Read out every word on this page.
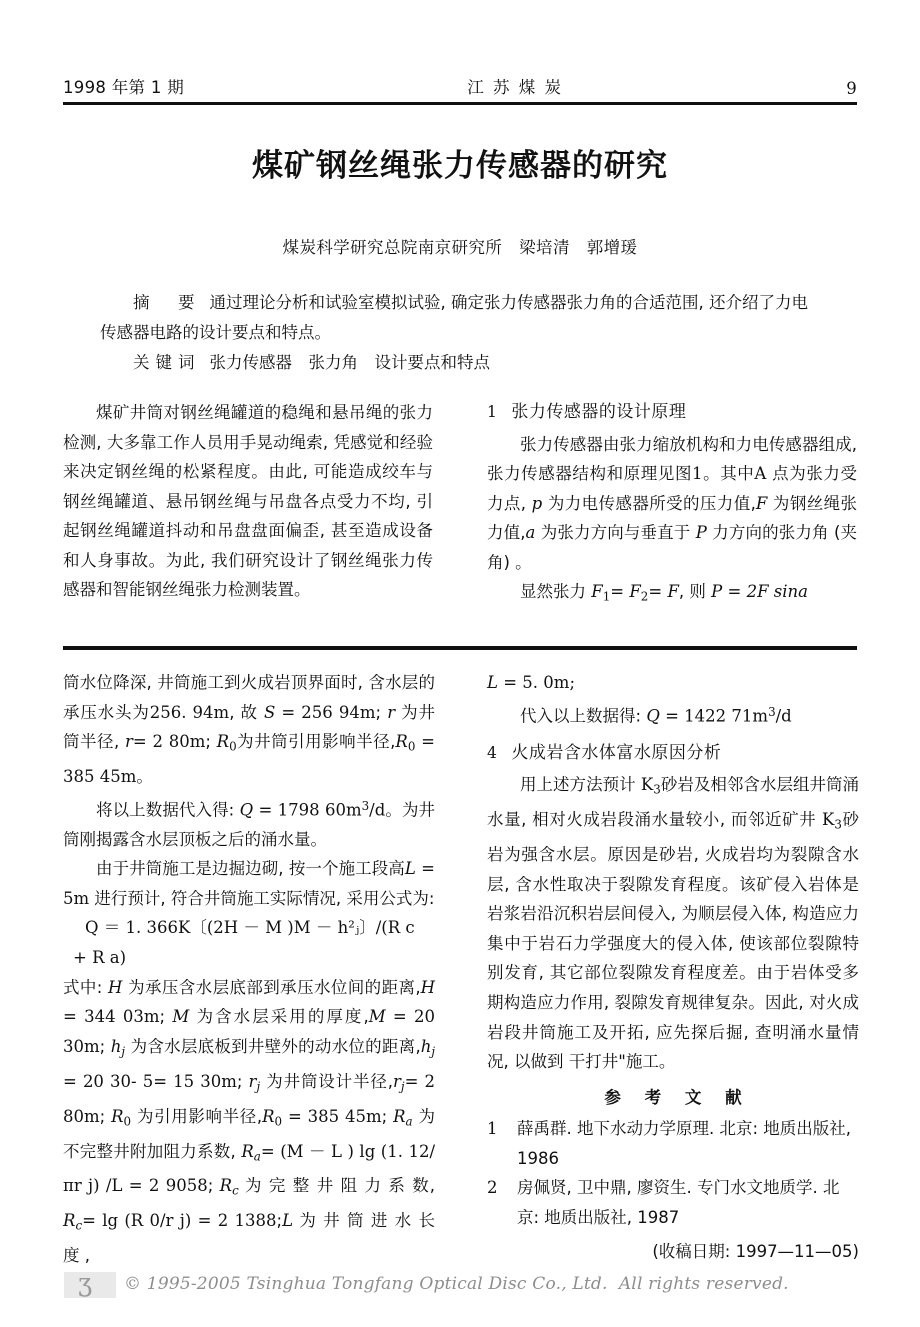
1998 年第 1 期	江 苏 煤 炭	9
煤矿钢丝绳张力传感器的研究
煤炭科学研究总院南京研究所　梁培清　郭增瑗

摘　要 通过理论分析和试验室模拟试验, 确定张力传感器张力角的合适范围, 还介绍了力电传感器电路的设计要点和特点。

关键词 张力传感器　张力角　设计要点和特点

煤矿井筒对钢丝绳罐道的稳绳和悬吊绳的张力检测, 大多靠工作人员用手晃动绳索, 凭感觉和经验来决定钢丝绳的松紧程度。由此, 可能造成绞车与钢丝绳罐道、悬吊钢丝绳与吊盘各点受力不均, 引起钢丝绳罐道抖动和吊盘盘面偏歪, 甚至造成设备和人身事故。为此, 我们研究设计了钢丝绳张力传感器和智能钢丝绳张力检测装置。

1 张力传感器的设计原理

张力传感器由张力缩放机构和力电传感器组成, 张力传感器结构和原理见图1。其中A 点为张力受力点, p 为力电传感器所受的压力值,F 为钢丝绳张力值,a 为张力方向与垂直于 P 力方向的张力角 (夹角) 。

显然张力 $F_1= F_2= F$, 则 P = 2F sina

筒水位降深, 井筒施工到火成岩顶界面时, 含水层的承压水头为256. 94m, 故 S = 256 94m; r 为井筒半径, r= 2 80m; $R_0$为井筒引用影响半径$,R_0 = 385$ 45m。

将以上数据代入得: Q = 1798 $60m^3/d$。为井筒刚揭露含水层顶板之后的涌水量。

由于井筒施工是边掘边砌, 按一个施工段高L = 5m 进行预计, 符合井筒施工实际情况, 采用公式为:

Q ＝ 1. 366K〔(2H － M )M － h²ⱼ〕/(R c

+ R a)

式中: H 为承压含水层底部到承压水位间的距离,H = 344 03m; M 为含水层采用的厚度,M = 20 30m; $h_j$ 为含水层底板到井壁外的动水位的距离$,h_j = 20$ 30- 5= 15 30m; $r_j$ 为井筒设计半径$,r_j= 2$ 80m; $R_0$ 为引用影响半径$,R_0 = 385$ 45m; $R_a$ 为不完整井附加阻力系数, $R_a= (M - L$ ) lg (1. 12/πr j) /L = 2 9058; $R_c$ 为 完 整 井 阻 力 系 数, $R_c= \lg (R$ 0/r j) = 2 1388;L 为 井 筒 进 水 长 度 ,

L = 5. 0m;

代入以上数据得: Q = 1422 $71m^3/d$

4 火成岩含水体富水原因分析

用上述方法预计 $K_3$砂岩及相邻含水层组井筒涌水量, 相对火成岩段涌水量较小, 而邻近矿井 $K_3$砂岩为强含水层。原因是砂岩, 火成岩均为裂隙含水层, 含水性取决于裂隙发育程度。该矿侵入岩体是岩浆岩沿沉积岩层间侵入, 为顺层侵入体, 构造应力集中于岩石力学强度大的侵入体, 使该部位裂隙特别发育, 其它部位裂隙发育程度差。由于岩体受多期构造应力作用, 裂隙发育规律复杂。因此, 对火成岩段井筒施工及开拓, 应先探后掘, 查明涌水量情况, 以做到 干打井"施工。

参 考 文 献

1 薛禹群. 地下水动力学原理. 北京: 地质出版社, 1986

2 房佩贤, 卫中鼎, 廖资生. 专门水文地质学. 北京: 地质出版社, 1987

(收稿日期: 1997—11—05)

ʒ
© 1995-2005 Tsinghua Tongfang Optical Disc Co., Ltd.  All rights reserved.
